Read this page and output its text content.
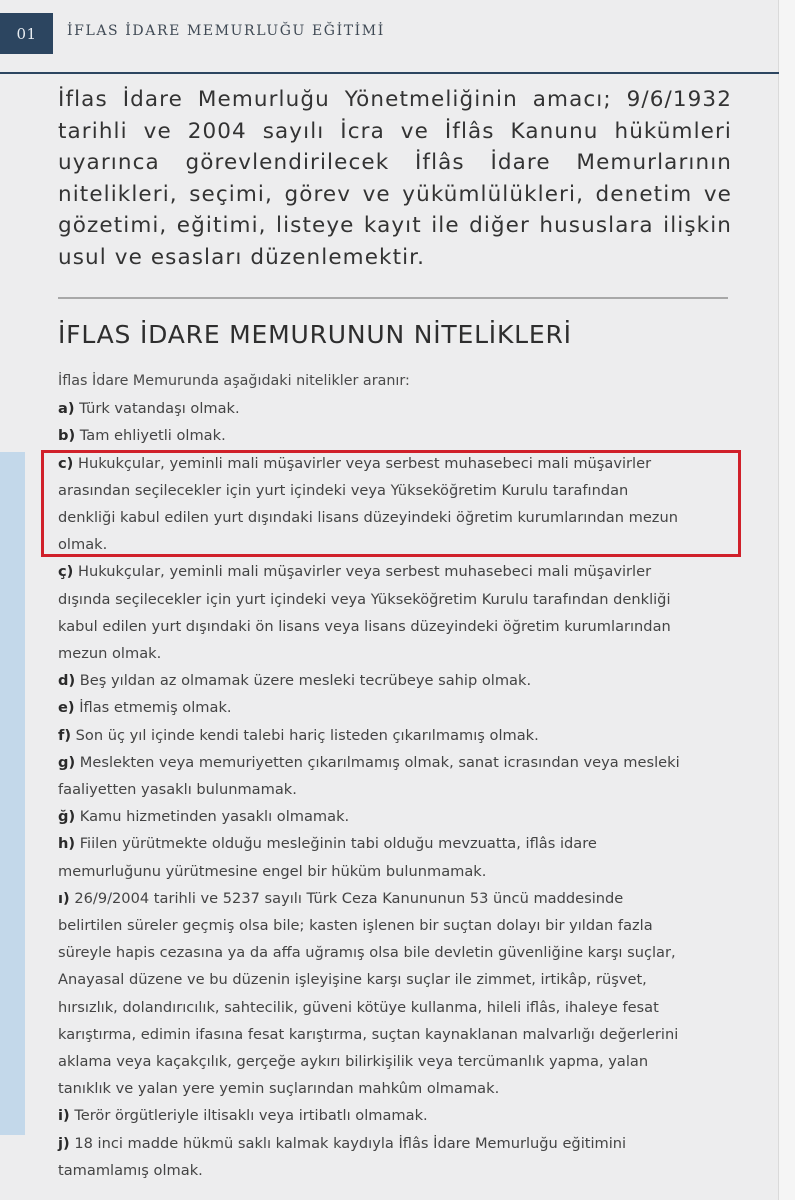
01	İFLAS İDARE MEMURLUĞU EĞİTİMİ
İflas İdare Memurluğu Yönetmeliğinin amacı; 9/6/1932 tarihli ve 2004 sayılı İcra ve İflâs Kanunu hükümleri uyarınca görevlendirilecek İflâs İdare Memurlarının nitelikleri, seçimi, görev ve yükümlülükleri, denetim ve gözetimi, eğitimi, listeye kayıt ile diğer hususlara ilişkin usul ve esasları düzenlemektir.
İFLAS İDARE MEMURUNUN NİTELİKLERİ
İflas İdare Memurunda aşağıdaki nitelikler aranır:
a) Türk vatandaşı olmak.
b) Tam ehliyetli olmak.
c) Hukukçular, yeminli mali müşavirler veya serbest muhasebeci mali müşavirler
arasından seçilecekler için yurt içindeki veya Yükseköğretim Kurulu tarafından
denkliği kabul edilen yurt dışındaki lisans düzeyindeki öğretim kurumlarından mezun
olmak.
ç) Hukukçular, yeminli mali müşavirler veya serbest muhasebeci mali müşavirler
dışında seçilecekler için yurt içindeki veya Yükseköğretim Kurulu tarafından denkliği
kabul edilen yurt dışındaki ön lisans veya lisans düzeyindeki öğretim kurumlarından
mezun olmak.
d) Beş yıldan az olmamak üzere mesleki tecrübeye sahip olmak.
e) İflas etmemiş olmak.
f) Son üç yıl içinde kendi talebi hariç listeden çıkarılmamış olmak.
g) Meslekten veya memuriyetten çıkarılmamış olmak, sanat icrasından veya mesleki
faaliyetten yasaklı bulunmamak.
ğ) Kamu hizmetinden yasaklı olmamak.
h) Fiilen yürütmekte olduğu mesleğinin tabi olduğu mevzuatta, iflâs idare
memurluğunu yürütmesine engel bir hüküm bulunmamak.
ı) 26/9/2004 tarihli ve 5237 sayılı Türk Ceza Kanununun 53 üncü maddesinde
belirtilen süreler geçmiş olsa bile; kasten işlenen bir suçtan dolayı bir yıldan fazla
süreyle hapis cezasına ya da affa uğramış olsa bile devletin güvenliğine karşı suçlar,
Anayasal düzene ve bu düzenin işleyişine karşı suçlar ile zimmet, irtikâp, rüşvet,
hırsızlık, dolandırıcılık, sahtecilik, güveni kötüye kullanma, hileli iflâs, ihaleye fesat
karıştırma, edimin ifasına fesat karıştırma, suçtan kaynaklanan malvarlığı değerlerini
aklama veya kaçakçılık, gerçeğe aykırı bilirkişilik veya tercümanlık yapma, yalan
tanıklık ve yalan yere yemin suçlarından mahkûm olmamak.
i) Terör örgütleriyle iltisaklı veya irtibatlı olmamak.
j) 18 inci madde hükmü saklı kalmak kaydıyla İflâs İdare Memurluğu eğitimini
tamamlamış olmak.
